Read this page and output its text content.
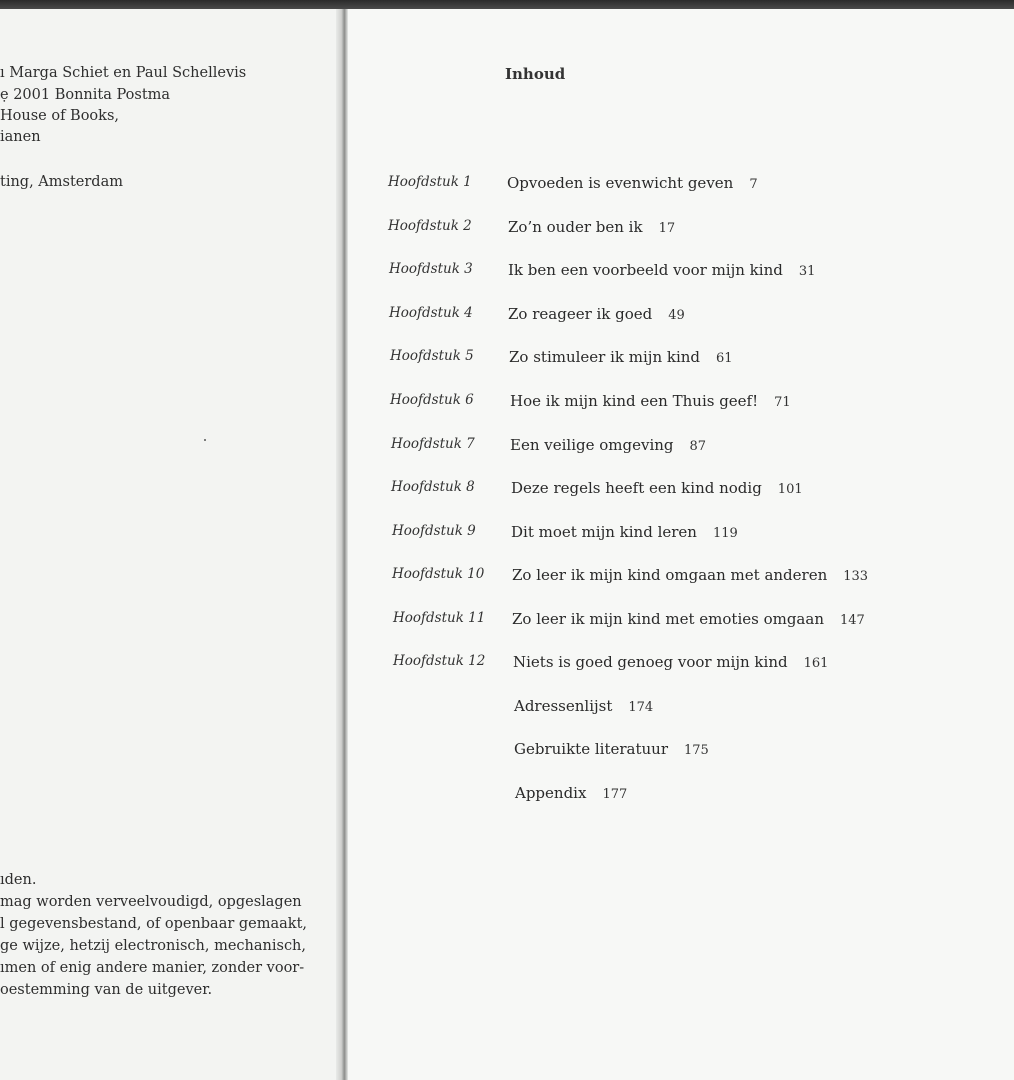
ı Marga Schiet en Paul Schellevis
ẹ 2001 Bonnita Postma
House of Books,
ianen
ting, Amsterdam
ıden.
mag worden verveelvoudigd, opgeslagen
l gegevensbestand, of openbaar gemaakt,
ge wijze, hetzij electronisch, mechanisch,
ımen of enig andere manier, zonder voor-
oestemming van de uitgever.
Inhoud
Hoofdstuk 1 Opvoeden is evenwicht geven 7
Hoofdstuk 2 Zo’n ouder ben ik 17
Hoofdstuk 3 Ik ben een voorbeeld voor mijn kind 31
Hoofdstuk 4 Zo reageer ik goed 49
Hoofdstuk 5 Zo stimuleer ik mijn kind 61
Hoofdstuk 6 Hoe ik mijn kind een Thuis geef! 71
Hoofdstuk 7 Een veilige omgeving 87
Hoofdstuk 8 Deze regels heeft een kind nodig 101
Hoofdstuk 9 Dit moet mijn kind leren 119
Hoofdstuk 10 Zo leer ik mijn kind omgaan met anderen 133
Hoofdstuk 11 Zo leer ik mijn kind met emoties omgaan 147
Hoofdstuk 12 Niets is goed genoeg voor mijn kind 161
Adressenlijst 174
Gebruikte literatuur 175
Appendix 177
